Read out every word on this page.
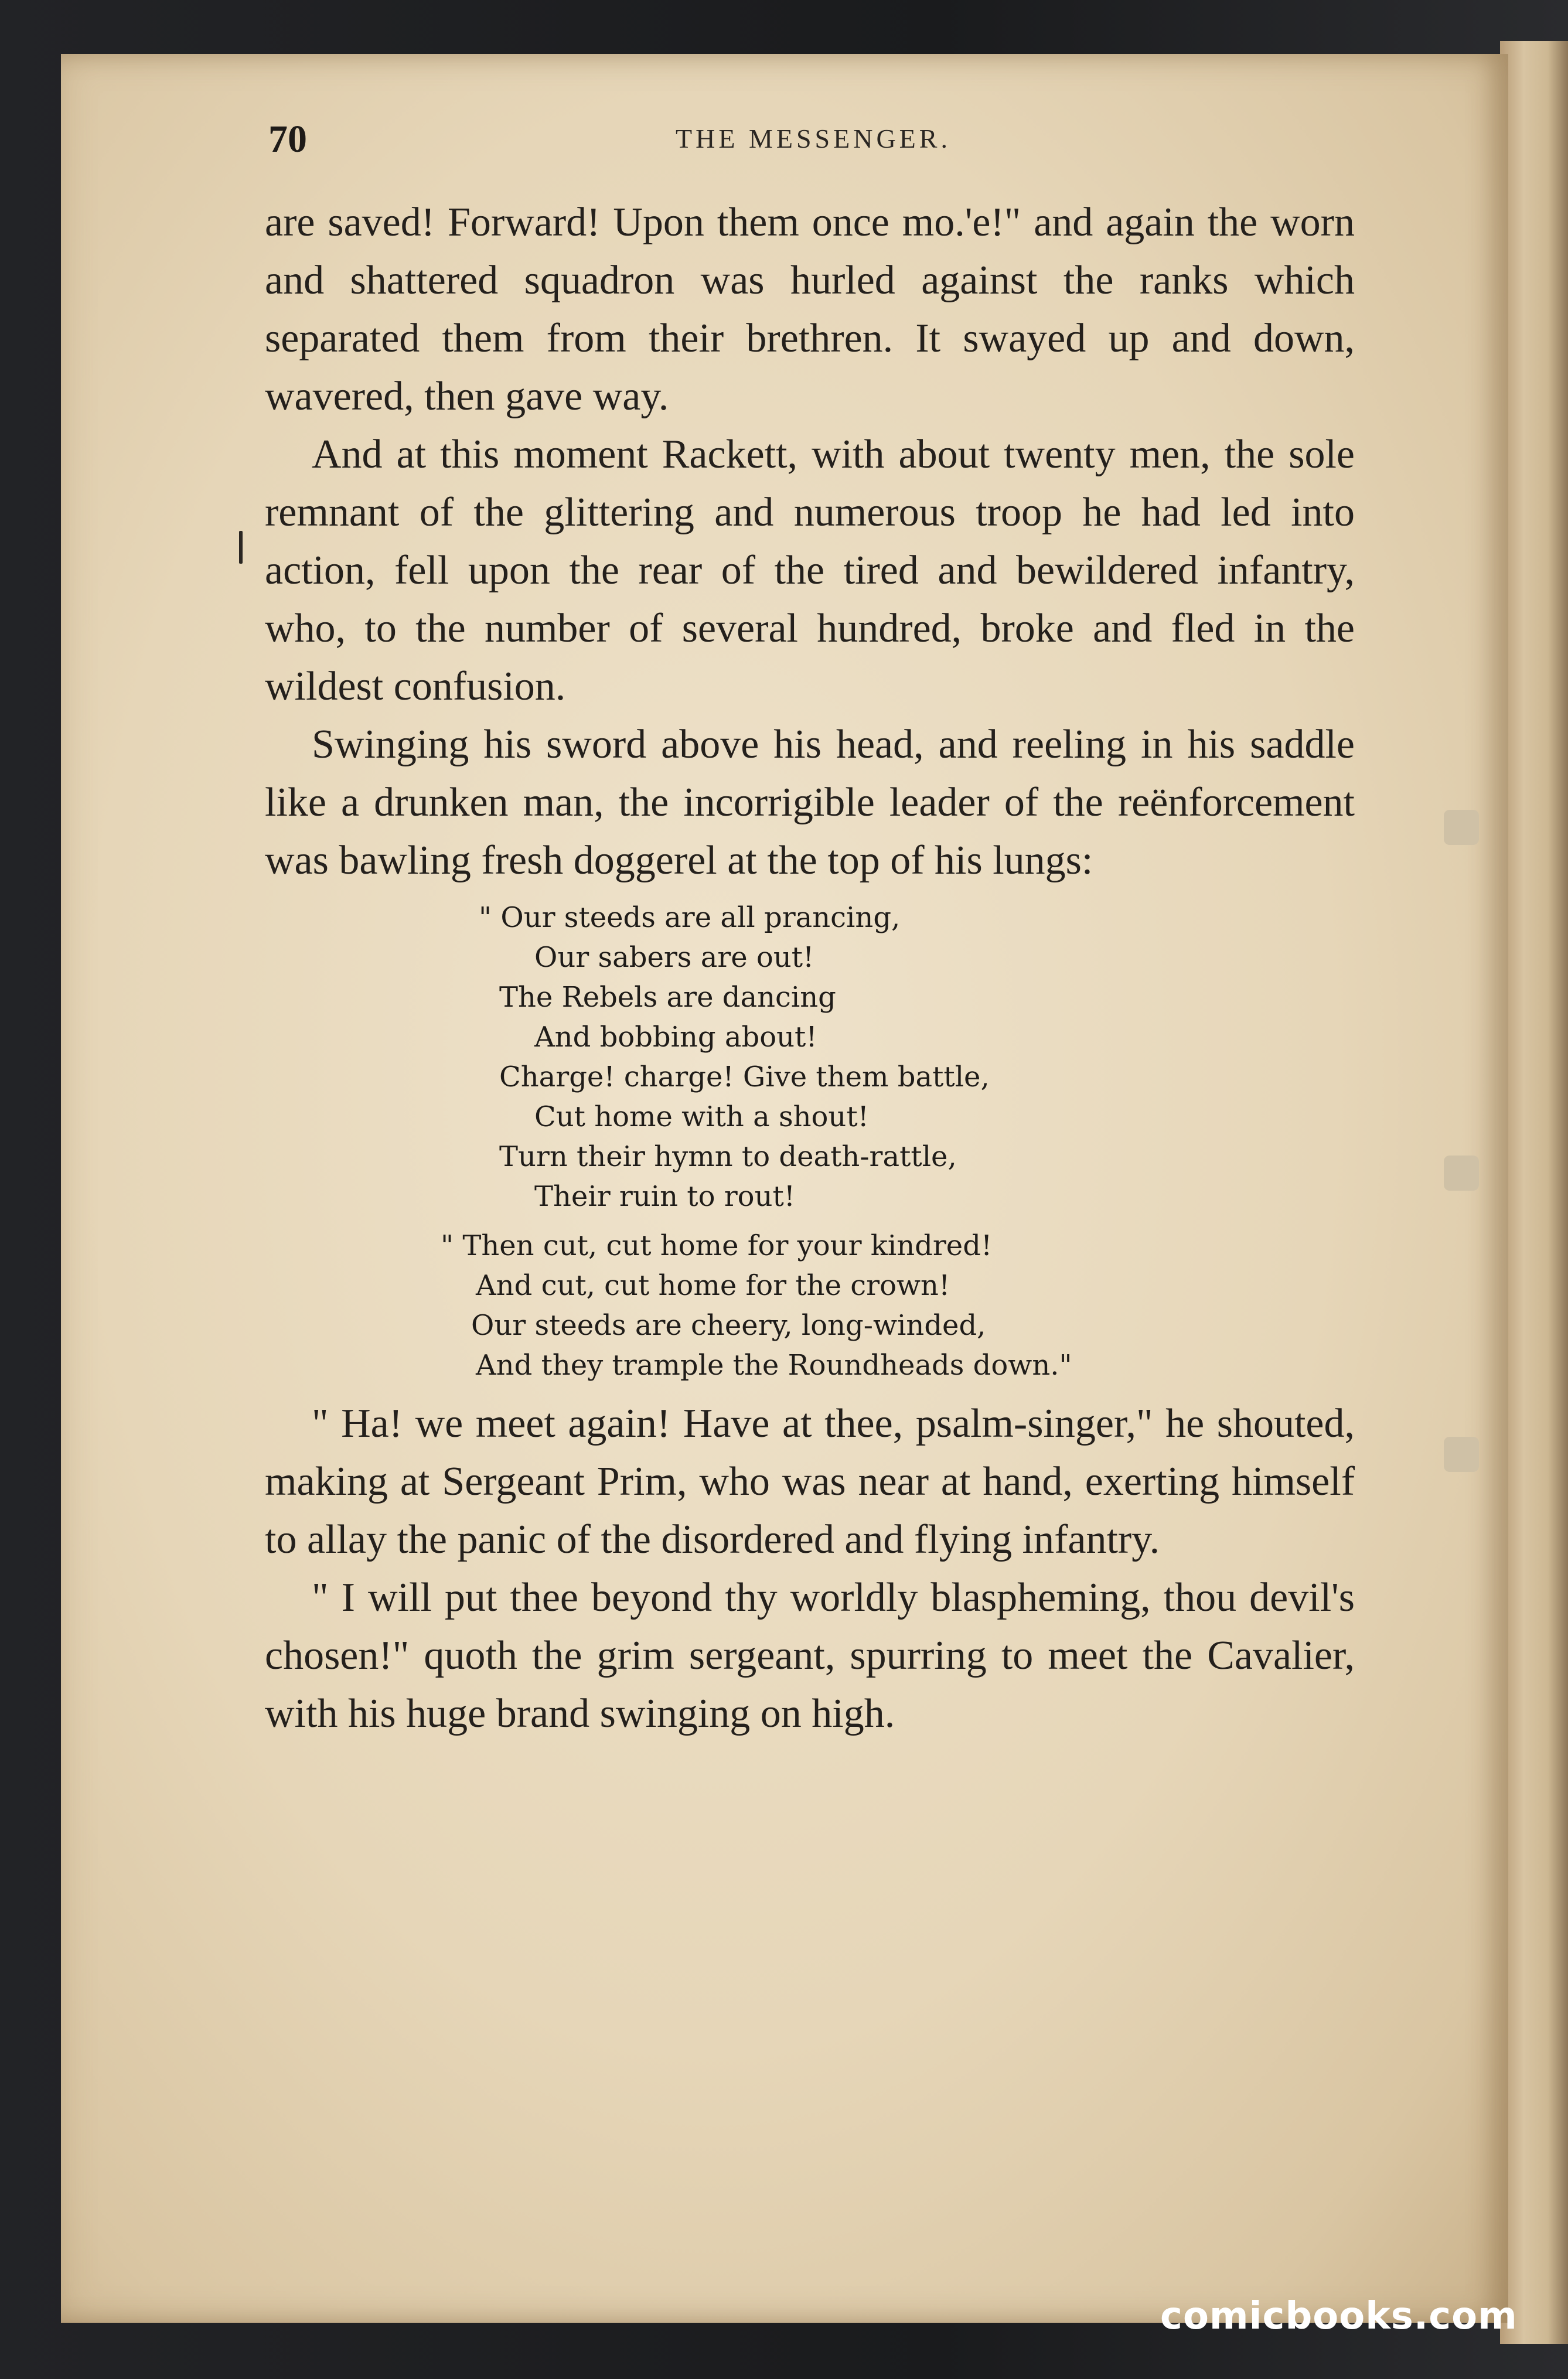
70	THE MESSENGER.

are saved! Forward! Upon them once mo.'e!" and again the worn and shattered squadron was hurled against the ranks which separated them from their brethren. It swayed up and down, wavered, then gave way.

And at this moment Rackett, with about twenty men, the sole remnant of the glittering and numerous troop he had led into action, fell upon the rear of the tired and bewildered infantry, who, to the number of several hundred, broke and fled in the wildest confusion.

Swinging his sword above his head, and reeling in his saddle like a drunken man, the incorrigible leader of the reënforcement was bawling fresh doggerel at the top of his lungs:

" Our steeds are all prancing,
Our sabers are out!
The Rebels are dancing
And bobbing about!
Charge! charge! Give them battle,
Cut home with a shout!
Turn their hymn to death-rattle,
Their ruin to rout!
" Then cut, cut home for your kindred!
And cut, cut home for the crown!
Our steeds are cheery, long-winded,
And they trample the Roundheads down."

" Ha! we meet again! Have at thee, psalm-singer," he shouted, making at Sergeant Prim, who was near at hand, exerting himself to allay the panic of the disordered and flying infantry.

" I will put thee beyond thy worldly blaspheming, thou devil's chosen!" quoth the grim sergeant, spurring to meet the Cavalier, with his huge brand swinging on high.

comicbooks.com
